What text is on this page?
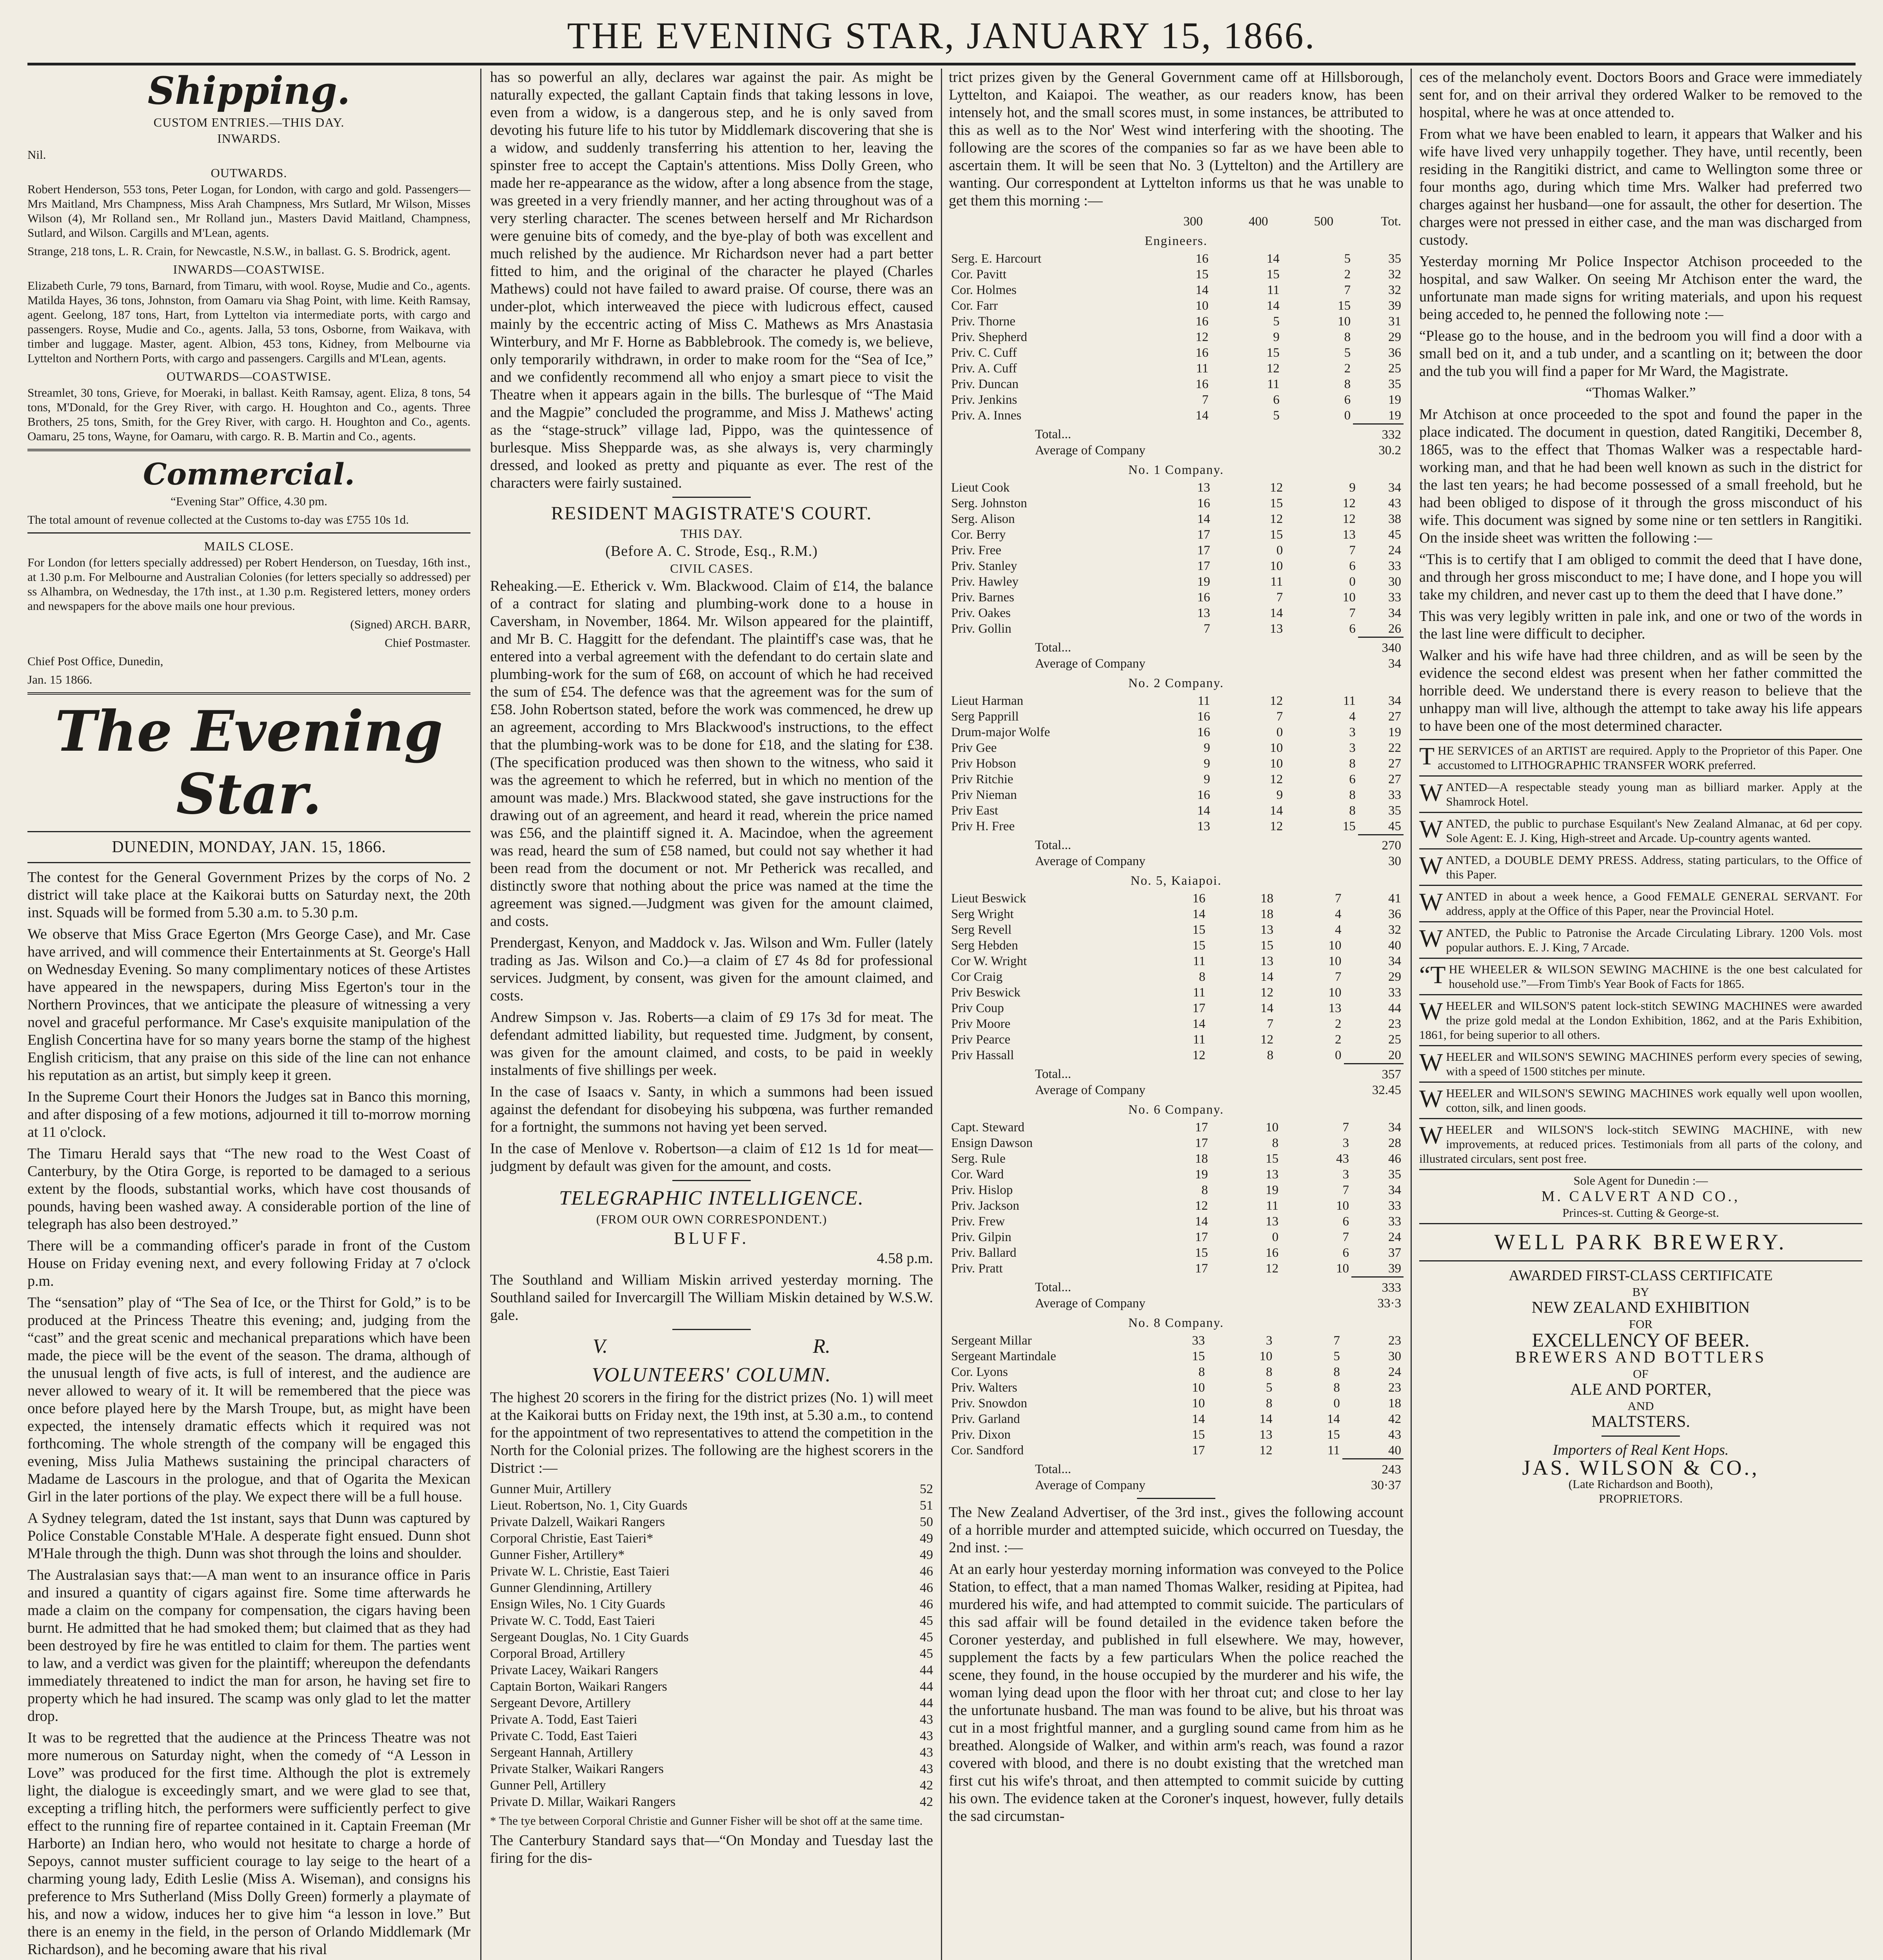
THE EVENING STAR, JANUARY 15, 1866.
Shipping.
CUSTOM ENTRIES.—THIS DAY.
INWARDS.

Nil.

OUTWARDS.

Robert Henderson, 553 tons, Peter Logan, for London, with cargo and gold. Passengers—Mrs Maitland, Mrs Champness, Miss Arah Champness, Mrs Sutlard, Mr Wilson, Misses Wilson (4), Mr Rolland sen., Mr Rolland jun., Masters David Maitland, Champness, Sutlard, and Wilson. Cargills and M'Lean, agents.

Strange, 218 tons, L. R. Crain, for Newcastle, N.S.W., in ballast. G. S. Brodrick, agent.

INWARDS—COASTWISE.

Elizabeth Curle, 79 tons, Barnard, from Timaru, with wool. Royse, Mudie and Co., agents. Matilda Hayes, 36 tons, Johnston, from Oamaru via Shag Point, with lime. Keith Ramsay, agent. Geelong, 187 tons, Hart, from Lyttelton via intermediate ports, with cargo and passengers. Royse, Mudie and Co., agents. Jalla, 53 tons, Osborne, from Waikava, with timber and luggage. Master, agent. Albion, 453 tons, Kidney, from Melbourne via Lyttelton and Northern Ports, with cargo and passengers. Cargills and M'Lean, agents.

OUTWARDS—COASTWISE.

Streamlet, 30 tons, Grieve, for Moeraki, in ballast. Keith Ramsay, agent. Eliza, 8 tons, 54 tons, M'Donald, for the Grey River, with cargo. H. Houghton and Co., agents. Three Brothers, 25 tons, Smith, for the Grey River, with cargo. H. Houghton and Co., agents. Oamaru, 25 tons, Wayne, for Oamaru, with cargo. R. B. Martin and Co., agents.

Commercial.

“Evening Star” Office, 4.30 pm.

The total amount of revenue collected at the Customs to-day was £755 10s 1d.

MAILS CLOSE.

For London (for letters specially addressed) per Robert Henderson, on Tuesday, 16th inst., at 1.30 p.m. For Melbourne and Australian Colonies (for letters specially so addressed) per ss Alhambra, on Wednesday, the 17th inst., at 1.30 p.m. Registered letters, money orders and newspapers for the above mails one hour previous.

(Signed) ARCH. BARR,

Chief Postmaster.

Chief Post Office, Dunedin,

Jan. 15 1866.

The Evening Star.
DUNEDIN, MONDAY, JAN. 15, 1866.

The contest for the General Government Prizes by the corps of No. 2 district will take place at the Kaikorai butts on Saturday next, the 20th inst. Squads will be formed from 5.30 a.m. to 5.30 p.m.

We observe that Miss Grace Egerton (Mrs George Case), and Mr. Case have arrived, and will commence their Entertainments at St. George's Hall on Wednesday Evening. So many complimentary notices of these Artistes have appeared in the newspapers, during Miss Egerton's tour in the Northern Provinces, that we anticipate the pleasure of witnessing a very novel and graceful performance. Mr Case's exquisite manipulation of the English Concertina have for so many years borne the stamp of the highest English criticism, that any praise on this side of the line can not enhance his reputation as an artist, but simply keep it green.

In the Supreme Court their Honors the Judges sat in Banco this morning, and after disposing of a few motions, adjourned it till to-morrow morning at 11 o'clock.

The Timaru Herald says that “The new road to the West Coast of Canterbury, by the Otira Gorge, is reported to be damaged to a serious extent by the floods, substantial works, which have cost thousands of pounds, having been washed away. A considerable portion of the line of telegraph has also been destroyed.”

There will be a commanding officer's parade in front of the Custom House on Friday evening next, and every following Friday at 7 o'clock p.m.

The “sensation” play of “The Sea of Ice, or the Thirst for Gold,” is to be produced at the Princess Theatre this evening; and, judging from the “cast” and the great scenic and mechanical preparations which have been made, the piece will be the event of the season. The drama, although of the unusual length of five acts, is full of interest, and the audience are never allowed to weary of it. It will be remembered that the piece was once before played here by the Marsh Troupe, but, as might have been expected, the intensely dramatic effects which it required was not forthcoming. The whole strength of the company will be engaged this evening, Miss Julia Mathews sustaining the principal characters of Madame de Lascours in the prologue, and that of Ogarita the Mexican Girl in the later portions of the play. We expect there will be a full house.

A Sydney telegram, dated the 1st instant, says that Dunn was captured by Police Constable Constable M'Hale. A desperate fight ensued. Dunn shot M'Hale through the thigh. Dunn was shot through the loins and shoulder.

The Australasian says that:—A man went to an insurance office in Paris and insured a quantity of cigars against fire. Some time afterwards he made a claim on the company for compensation, the cigars having been burnt. He admitted that he had smoked them; but claimed that as they had been destroyed by fire he was entitled to claim for them. The parties went to law, and a verdict was given for the plaintiff; whereupon the defendants immediately threatened to indict the man for arson, he having set fire to property which he had insured. The scamp was only glad to let the matter drop.

It was to be regretted that the audience at the Princess Theatre was not more numerous on Saturday night, when the comedy of “A Lesson in Love” was produced for the first time. Although the plot is extremely light, the dialogue is exceedingly smart, and we were glad to see that, excepting a trifling hitch, the performers were sufficiently perfect to give effect to the running fire of repartee contained in it. Captain Freeman (Mr Harborte) an Indian hero, who would not hesitate to charge a horde of Sepoys, cannot muster sufficient courage to lay seige to the heart of a charming young lady, Edith Leslie (Miss A. Wiseman), and consigns his preference to Mrs Sutherland (Miss Dolly Green) formerly a playmate of his, and now a widow, induces her to give him “a lesson in love.” But there is an enemy in the field, in the person of Orlando Middlemark (Mr Richardson), and he becoming aware that his rival

has so powerful an ally, declares war against the pair. As might be naturally expected, the gallant Captain finds that taking lessons in love, even from a widow, is a dangerous step, and he is only saved from devoting his future life to his tutor by Middlemark discovering that she is a widow, and suddenly transferring his attention to her, leaving the spinster free to accept the Captain's attentions. Miss Dolly Green, who made her re-appearance as the widow, after a long absence from the stage, was greeted in a very friendly manner, and her acting throughout was of a very sterling character. The scenes between herself and Mr Richardson were genuine bits of comedy, and the bye-play of both was excellent and much relished by the audience. Mr Richardson never had a part better fitted to him, and the original of the character he played (Charles Mathews) could not have failed to award praise. Of course, there was an under-plot, which interweaved the piece with ludicrous effect, caused mainly by the eccentric acting of Miss C. Mathews as Mrs Anastasia Winterbury, and Mr F. Horne as Babblebrook. The comedy is, we believe, only temporarily withdrawn, in order to make room for the “Sea of Ice,” and we confidently recommend all who enjoy a smart piece to visit the Theatre when it appears again in the bills. The burlesque of “The Maid and the Magpie” concluded the programme, and Miss J. Mathews' acting as the “stage-struck” village lad, Pippo, was the quintessence of burlesque. Miss Shepparde was, as she always is, very charmingly dressed, and looked as pretty and piquante as ever. The rest of the characters were fairly sustained.

RESIDENT MAGISTRATE'S COURT.
THIS DAY.
(Before A. C. Strode, Esq., R.M.)
CIVIL CASES.

Reheaking.—E. Etherick v. Wm. Blackwood. Claim of £14, the balance of a contract for slating and plumbing-work done to a house in Caversham, in November, 1864. Mr. Wilson appeared for the plaintiff, and Mr B. C. Haggitt for the defendant. The plaintiff's case was, that he entered into a verbal agreement with the defendant to do certain slate and plumbing-work for the sum of £68, on account of which he had received the sum of £54. The defence was that the agreement was for the sum of £58. John Robertson stated, before the work was commenced, he drew up an agreement, according to Mrs Blackwood's instructions, to the effect that the plumbing-work was to be done for £18, and the slating for £38. (The specification produced was then shown to the witness, who said it was the agreement to which he referred, but in which no mention of the amount was made.) Mrs. Blackwood stated, she gave instructions for the drawing out of an agreement, and heard it read, wherein the price named was £56, and the plaintiff signed it. A. Macindoe, when the agreement was read, heard the sum of £58 named, but could not say whether it had been read from the document or not. Mr Petherick was recalled, and distinctly swore that nothing about the price was named at the time the agreement was signed.—Judgment was given for the amount claimed, and costs.

Prendergast, Kenyon, and Maddock v. Jas. Wilson and Wm. Fuller (lately trading as Jas. Wilson and Co.)—a claim of £7 4s 8d for professional services. Judgment, by consent, was given for the amount claimed, and costs.

Andrew Simpson v. Jas. Roberts—a claim of £9 17s 3d for meat. The defendant admitted liability, but requested time. Judgment, by consent, was given for the amount claimed, and costs, to be paid in weekly instalments of five shillings per week.

In the case of Isaacs v. Santy, in which a summons had been issued against the defendant for disobeying his subpœna, was further remanded for a fortnight, the summons not having yet been served.

In the case of Menlove v. Robertson—a claim of £12 1s 1d for meat—judgment by default was given for the amount, and costs.

TELEGRAPHIC INTELLIGENCE.
(FROM OUR OWN CORRESPONDENT.)
BLUFF.

4.58 p.m.

The Southland and William Miskin arrived yesterday morning. The Southland sailed for Invercargill The William Miskin detained by W.S.W. gale.

V.	R.
VOLUNTEERS' COLUMN.

The highest 20 scorers in the firing for the district prizes (No. 1) will meet at the Kaikorai butts on Friday next, the 19th inst, at 5.30 a.m., to contend for the appointment of two representatives to attend the competition in the North for the Colonial prizes. The following are the highest scorers in the District :—

Gunner Muir, Artillery	52
Lieut. Robertson, No. 1, City Guards	51
Private Dalzell, Waikari Rangers	50
Corporal Christie, East Taieri*	49
Gunner Fisher, Artillery*	49
Private W. L. Christie, East Taieri	46
Gunner Glendinning, Artillery	46
Ensign Wiles, No. 1 City Guards	46
Private W. C. Todd, East Taieri	45
Sergeant Douglas, No. 1 City Guards	45
Corporal Broad, Artillery	45
Private Lacey, Waikari Rangers	44
Captain Borton, Waikari Rangers	44
Sergeant Devore, Artillery	44
Private A. Todd, East Taieri	43
Private C. Todd, East Taieri	43
Sergeant Hannah, Artillery	43
Private Stalker, Waikari Rangers	43
Gunner Pell, Artillery	42
Private D. Millar, Waikari Rangers	42

* The tye between Corporal Christie and Gunner Fisher will be shot off at the same time.

The Canterbury Standard says that—“On Monday and Tuesday last the firing for the dis-

trict prizes given by the General Government came off at Hillsborough, Lyttelton, and Kaiapoi. The weather, as our readers know, has been intensely hot, and the small scores must, in some instances, be attributed to this as well as to the Nor' West wind interfering with the shooting. The following are the scores of the companies so far as we have been able to ascertain them. It will be seen that No. 3 (Lyttelton) and the Artillery are wanting. Our correspondent at Lyttelton informs us that he was unable to get them this morning :—

	300	400	500	Tot.
Engineers.
Serg. E. Harcourt	16	14	5	35
Cor. Pavitt	15	15	2	32
Cor. Holmes	14	11	7	32
Cor. Farr	10	14	15	39
Priv. Thorne	16	5	10	31
Priv. Shepherd	12	9	8	29
Priv. C. Cuff	16	15	5	36
Priv. A. Cuff	11	12	2	25
Priv. Duncan	16	11	8	35
Priv. Jenkins	7	6	6	19
Priv. A. Innes	14	5	0	19
Total...				332
Average of Company				30.2
No. 1 Company.
Lieut Cook	13	12	9	34
Serg. Johnston	16	15	12	43
Serg. Alison	14	12	12	38
Cor. Berry	17	15	13	45
Priv. Free	17	0	7	24
Priv. Stanley	17	10	6	33
Priv. Hawley	19	11	0	30
Priv. Barnes	16	7	10	33
Priv. Oakes	13	14	7	34
Priv. Gollin	7	13	6	26
Total...				340
Average of Company				34
No. 2 Company.
Lieut Harman	11	12	11	34
Serg Papprill	16	7	4	27
Drum-major Wolfe	16	0	3	19
Priv Gee	9	10	3	22
Priv Hobson	9	10	8	27
Priv Ritchie	9	12	6	27
Priv Nieman	16	9	8	33
Priv East	14	14	8	35
Priv H. Free	13	12	15	45
Total...				270
Average of Company				30
No. 5, Kaiapoi.
Lieut Beswick	16	18	7	41
Serg Wright	14	18	4	36
Serg Revell	15	13	4	32
Serg Hebden	15	15	10	40
Cor W. Wright	11	13	10	34
Cor Craig	8	14	7	29
Priv Beswick	11	12	10	33
Priv Coup	17	14	13	44
Priv Moore	14	7	2	23
Priv Pearce	11	12	2	25
Priv Hassall	12	8	0	20
Total...				357
Average of Company				32.45
No. 6 Company.
Capt. Steward	17	10	7	34
Ensign Dawson	17	8	3	28
Serg. Rule	18	15	43	46
Cor. Ward	19	13	3	35
Priv. Hislop	8	19	7	34
Priv. Jackson	12	11	10	33
Priv. Frew	14	13	6	33
Priv. Gilpin	17	0	7	24
Priv. Ballard	15	16	6	37
Priv. Pratt	17	12	10	39
Total...				333
Average of Company				33·3
No. 8 Company.
Sergeant Millar	33	3	7	23
Sergeant Martindale	15	10	5	30
Cor. Lyons	8	8	8	24
Priv. Walters	10	5	8	23
Priv. Snowdon	10	8	0	18
Priv. Garland	14	14	14	42
Priv. Dixon	15	13	15	43
Cor. Sandford	17	12	11	40
Total...				243
Average of Company				30·37

The New Zealand Advertiser, of the 3rd inst., gives the following account of a horrible murder and attempted suicide, which occurred on Tuesday, the 2nd inst. :—

At an early hour yesterday morning information was conveyed to the Police Station, to effect, that a man named Thomas Walker, residing at Pipitea, had murdered his wife, and had attempted to commit suicide. The particulars of this sad affair will be found detailed in the evidence taken before the Coroner yesterday, and published in full elsewhere. We may, however, supplement the facts by a few particulars When the police reached the scene, they found, in the house occupied by the murderer and his wife, the woman lying dead upon the floor with her throat cut; and close to her lay the unfortunate husband. The man was found to be alive, but his throat was cut in a most frightful manner, and a gurgling sound came from him as he breathed. Alongside of Walker, and within arm's reach, was found a razor covered with blood, and there is no doubt existing that the wretched man first cut his wife's throat, and then attempted to commit suicide by cutting his own. The evidence taken at the Coroner's inquest, however, fully details the sad circumstan-

ces of the melancholy event. Doctors Boors and Grace were immediately sent for, and on their arrival they ordered Walker to be removed to the hospital, where he was at once attended to.

From what we have been enabled to learn, it appears that Walker and his wife have lived very unhappily together. They have, until recently, been residing in the Rangitiki district, and came to Wellington some three or four months ago, during which time Mrs. Walker had preferred two charges against her husband—one for assault, the other for desertion. The charges were not pressed in either case, and the man was discharged from custody.

Yesterday morning Mr Police Inspector Atchison proceeded to the hospital, and saw Walker. On seeing Mr Atchison enter the ward, the unfortunate man made signs for writing materials, and upon his request being acceded to, he penned the following note :—

“Please go to the house, and in the bedroom you will find a door with a small bed on it, and a tub under, and a scantling on it; between the door and the tub you will find a paper for Mr Ward, the Magistrate.

“Thomas Walker.”

Mr Atchison at once proceeded to the spot and found the paper in the place indicated. The document in question, dated Rangitiki, December 8, 1865, was to the effect that Thomas Walker was a respectable hard-working man, and that he had been well known as such in the district for the last ten years; he had become possessed of a small freehold, but he had been obliged to dispose of it through the gross misconduct of his wife. This document was signed by some nine or ten settlers in Rangitiki. On the inside sheet was written the following :—

“This is to certify that I am obliged to commit the deed that I have done, and through her gross misconduct to me; I have done, and I hope you will take my children, and never cast up to them the deed that I have done.”

This was very legibly written in pale ink, and one or two of the words in the last line were difficult to decipher.

Walker and his wife have had three children, and as will be seen by the evidence the second eldest was present when her father committed the horrible deed. We understand there is every reason to believe that the unhappy man will live, although the attempt to take away his life appears to have been one of the most determined character.

THE SERVICES of an ARTIST are required. Apply to the Proprietor of this Paper. One accustomed to LITHOGRAPHIC TRANSFER WORK preferred.

WANTED—A respectable steady young man as billiard marker. Apply at the Shamrock Hotel.

WANTED, the public to purchase Esquilant's New Zealand Almanac, at 6d per copy. Sole Agent: E. J. King, High-street and Arcade. Up-country agents wanted.

WANTED, a DOUBLE DEMY PRESS. Address, stating particulars, to the Office of this Paper.

WANTED in about a week hence, a Good FEMALE GENERAL SERVANT. For address, apply at the Office of this Paper, near the Provincial Hotel.

WANTED, the Public to Patronise the Arcade Circulating Library. 1200 Vols. most popular authors. E. J. King, 7 Arcade.

“THE WHEELER & WILSON SEWING MACHINE is the one best calculated for household use.”—From Timb's Year Book of Facts for 1865.

WHEELER and WILSON'S patent lock-stitch SEWING MACHINES were awarded the prize gold medal at the London Exhibition, 1862, and at the Paris Exhibition, 1861, for being superior to all others.

WHEELER and WILSON'S SEWING MACHINES perform every species of sewing, with a speed of 1500 stitches per minute.

WHEELER and WILSON'S SEWING MACHINES work equally well upon woollen, cotton, silk, and linen goods.

WHEELER and WILSON'S lock-stitch SEWING MACHINE, with new improvements, at reduced prices. Testimonials from all parts of the colony, and illustrated circulars, sent post free.

Sole Agent for Dunedin :—

M. CALVERT AND CO.,

Princes-st. Cutting & George-st.

WELL PARK BREWERY.

AWARDED FIRST-CLASS CERTIFICATE

BY

NEW ZEALAND EXHIBITION

FOR

EXCELLENCY OF BEER.

BREWERS AND BOTTLERS

OF

ALE AND PORTER,

AND

MALTSTERS.

Importers of Real Kent Hops.

JAS. WILSON & CO.,

(Late Richardson and Booth),

PROPRIETORS.
